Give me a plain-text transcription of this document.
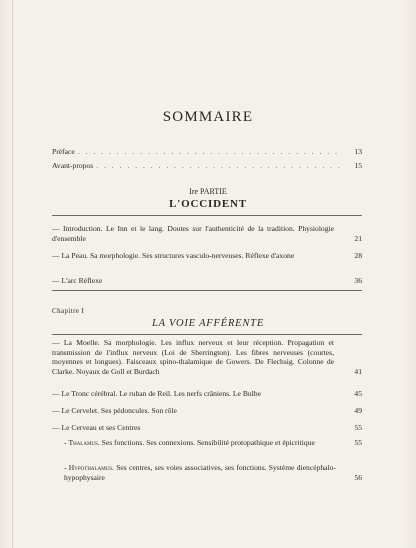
SOMMAIRE
Préface . . .	13
Avant-propos . . .	15
Ire PARTIE
L'OCCIDENT
— Introduction. Le Inn et le lang. Doutes sur l'authenticité de la tradition. Physiologie d'ensemble	21
— La Peau. Sa morphologie. Ses structures vasculo-nerveuses. Réflexe d'axone	28
— L'arc Réflexe	36
Chapitre I
LA VOIE AFFÉRENTE
— La Moelle. Sa morphologie. Les influx nerveux et leur réception. Propagation et transmission de l'influx nerveux (Loi de Sherrington). Les fibres nerveuses (courtes, moyennes et longues). Faisceaux spino-thalamique de Gowers. De Flechsig. Colonne de Clarke. Noyaux de Goll et Burdach	41
— Le Tronc cérébral. Le ruban de Reil. Les nerfs crâniens. Le Bulbe	45
— Le Cervelet. Ses pédoncules. Son rôle	49
— Le Cerveau et ses Centres	55
- Thalamus. Ses fonctions. Ses connexions. Sensibilité protopathique et épicritique	55
- Hypothalamus. Ses centres, ses voies associatives, ses fonctions. Système diencéphalo-hypophysaire	56
